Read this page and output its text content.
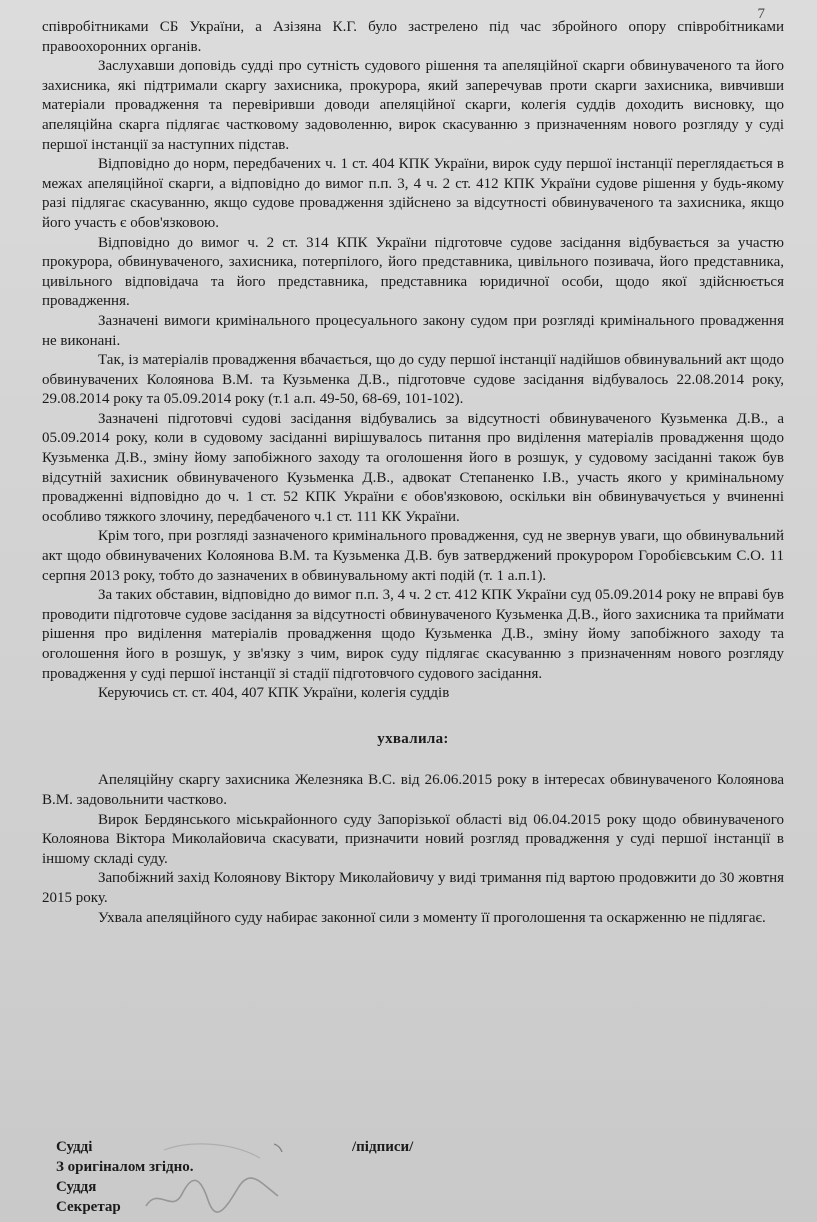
7

співробітниками СБ України, а Азізяна К.Г. було застрелено під час збройного опору співробітниками правоохоронних органів.

Заслухавши доповідь судді про сутність судового рішення та апеляційної скарги обвинуваченого та його захисника, які підтримали скаргу захисника, прокурора, який заперечував проти скарги захисника, вивчивши матеріали провадження та перевіривши доводи апеляційної скарги, колегія суддів доходить висновку, що апеляційна скарга підлягає частковому задоволенню, вирок скасуванню з призначенням нового розгляду у суді першої інстанції за наступних підстав.

Відповідно до норм, передбачених ч. 1 ст. 404 КПК України, вирок суду першої інстанції переглядається в межах апеляційної скарги, а відповідно до вимог п.п. 3, 4 ч. 2 ст. 412 КПК України судове рішення у будь-якому разі підлягає скасуванню, якщо судове провадження здійснено за відсутності обвинуваченого та захисника, якщо його участь є обов'язковою.

Відповідно до вимог ч. 2 ст. 314 КПК України підготовче судове засідання відбувається за участю прокурора, обвинуваченого, захисника, потерпілого, його представника, цивільного позивача, його представника, цивільного відповідача та його представника, представника юридичної особи, щодо якої здійснюється провадження.

Зазначені вимоги кримінального процесуального закону судом при розгляді кримінального провадження не виконані.

Так, із матеріалів провадження вбачається, що до суду першої інстанції надійшов обвинувальний акт щодо обвинувачених Колоянова В.М. та Кузьменка Д.В., підготовче судове засідання відбувалось 22.08.2014 року, 29.08.2014 року та 05.09.2014 року (т.1 а.п. 49-50, 68-69, 101-102).

Зазначені підготовчі судові засідання відбувались за відсутності обвинуваченого Кузьменка Д.В., а 05.09.2014 року, коли в судовому засіданні вирішувалось питання про виділення матеріалів провадження щодо Кузьменка Д.В., зміну йому запобіжного заходу та оголошення його в розшук, у судовому засіданні також був відсутній захисник обвинуваченого Кузьменка Д.В., адвокат Степаненко І.В., участь якого у кримінальному провадженні відповідно до ч. 1 ст. 52 КПК України є обов'язковою, оскільки він обвинувачується у вчиненні особливо тяжкого злочину, передбаченого ч.1 ст. 111 КК України.

Крім того, при розгляді зазначеного кримінального провадження, суд не звернув уваги, що обвинувальний акт щодо обвинувачених Колоянова В.М. та Кузьменка Д.В. був затверджений прокурором Горобієвським С.О. 11 серпня 2013 року, тобто до зазначених в обвинувальному акті подій (т. 1 а.п.1).

За таких обставин, відповідно до вимог п.п. 3, 4 ч. 2 ст. 412 КПК України суд 05.09.2014 року не вправі був проводити підготовче судове засідання за відсутності обвинуваченого Кузьменка Д.В., його захисника та приймати рішення про виділення матеріалів провадження щодо Кузьменка Д.В., зміну йому запобіжного заходу та оголошення його в розшук, у зв'язку з чим, вирок суду підлягає скасуванню з призначенням нового розгляду провадження у суді першої інстанції зі стадії підготовчого судового засідання.

Керуючись ст. ст. 404, 407 КПК України, колегія суддів

ухвалила:

Апеляційну скаргу захисника Железняка В.С. від 26.06.2015 року в інтересах обвинуваченого Колоянова В.М. задовольнити частково.

Вирок Бердянського міськрайонного суду Запорізької області від 06.04.2015 року щодо обвинуваченого Колоянова Віктора Миколайовича скасувати, призначити новий розгляд провадження у суді першої інстанції в іншому складі суду.

Запобіжний захід Колоянову Віктору Миколайовичу у виді тримання під вартою продовжити до 30 жовтня 2015 року.

Ухвала апеляційного суду набирає законної сили з моменту її проголошення та оскарженню не підлягає.

Судді	/підписи/
З оригіналом згідно.
Суддя
Секретар
